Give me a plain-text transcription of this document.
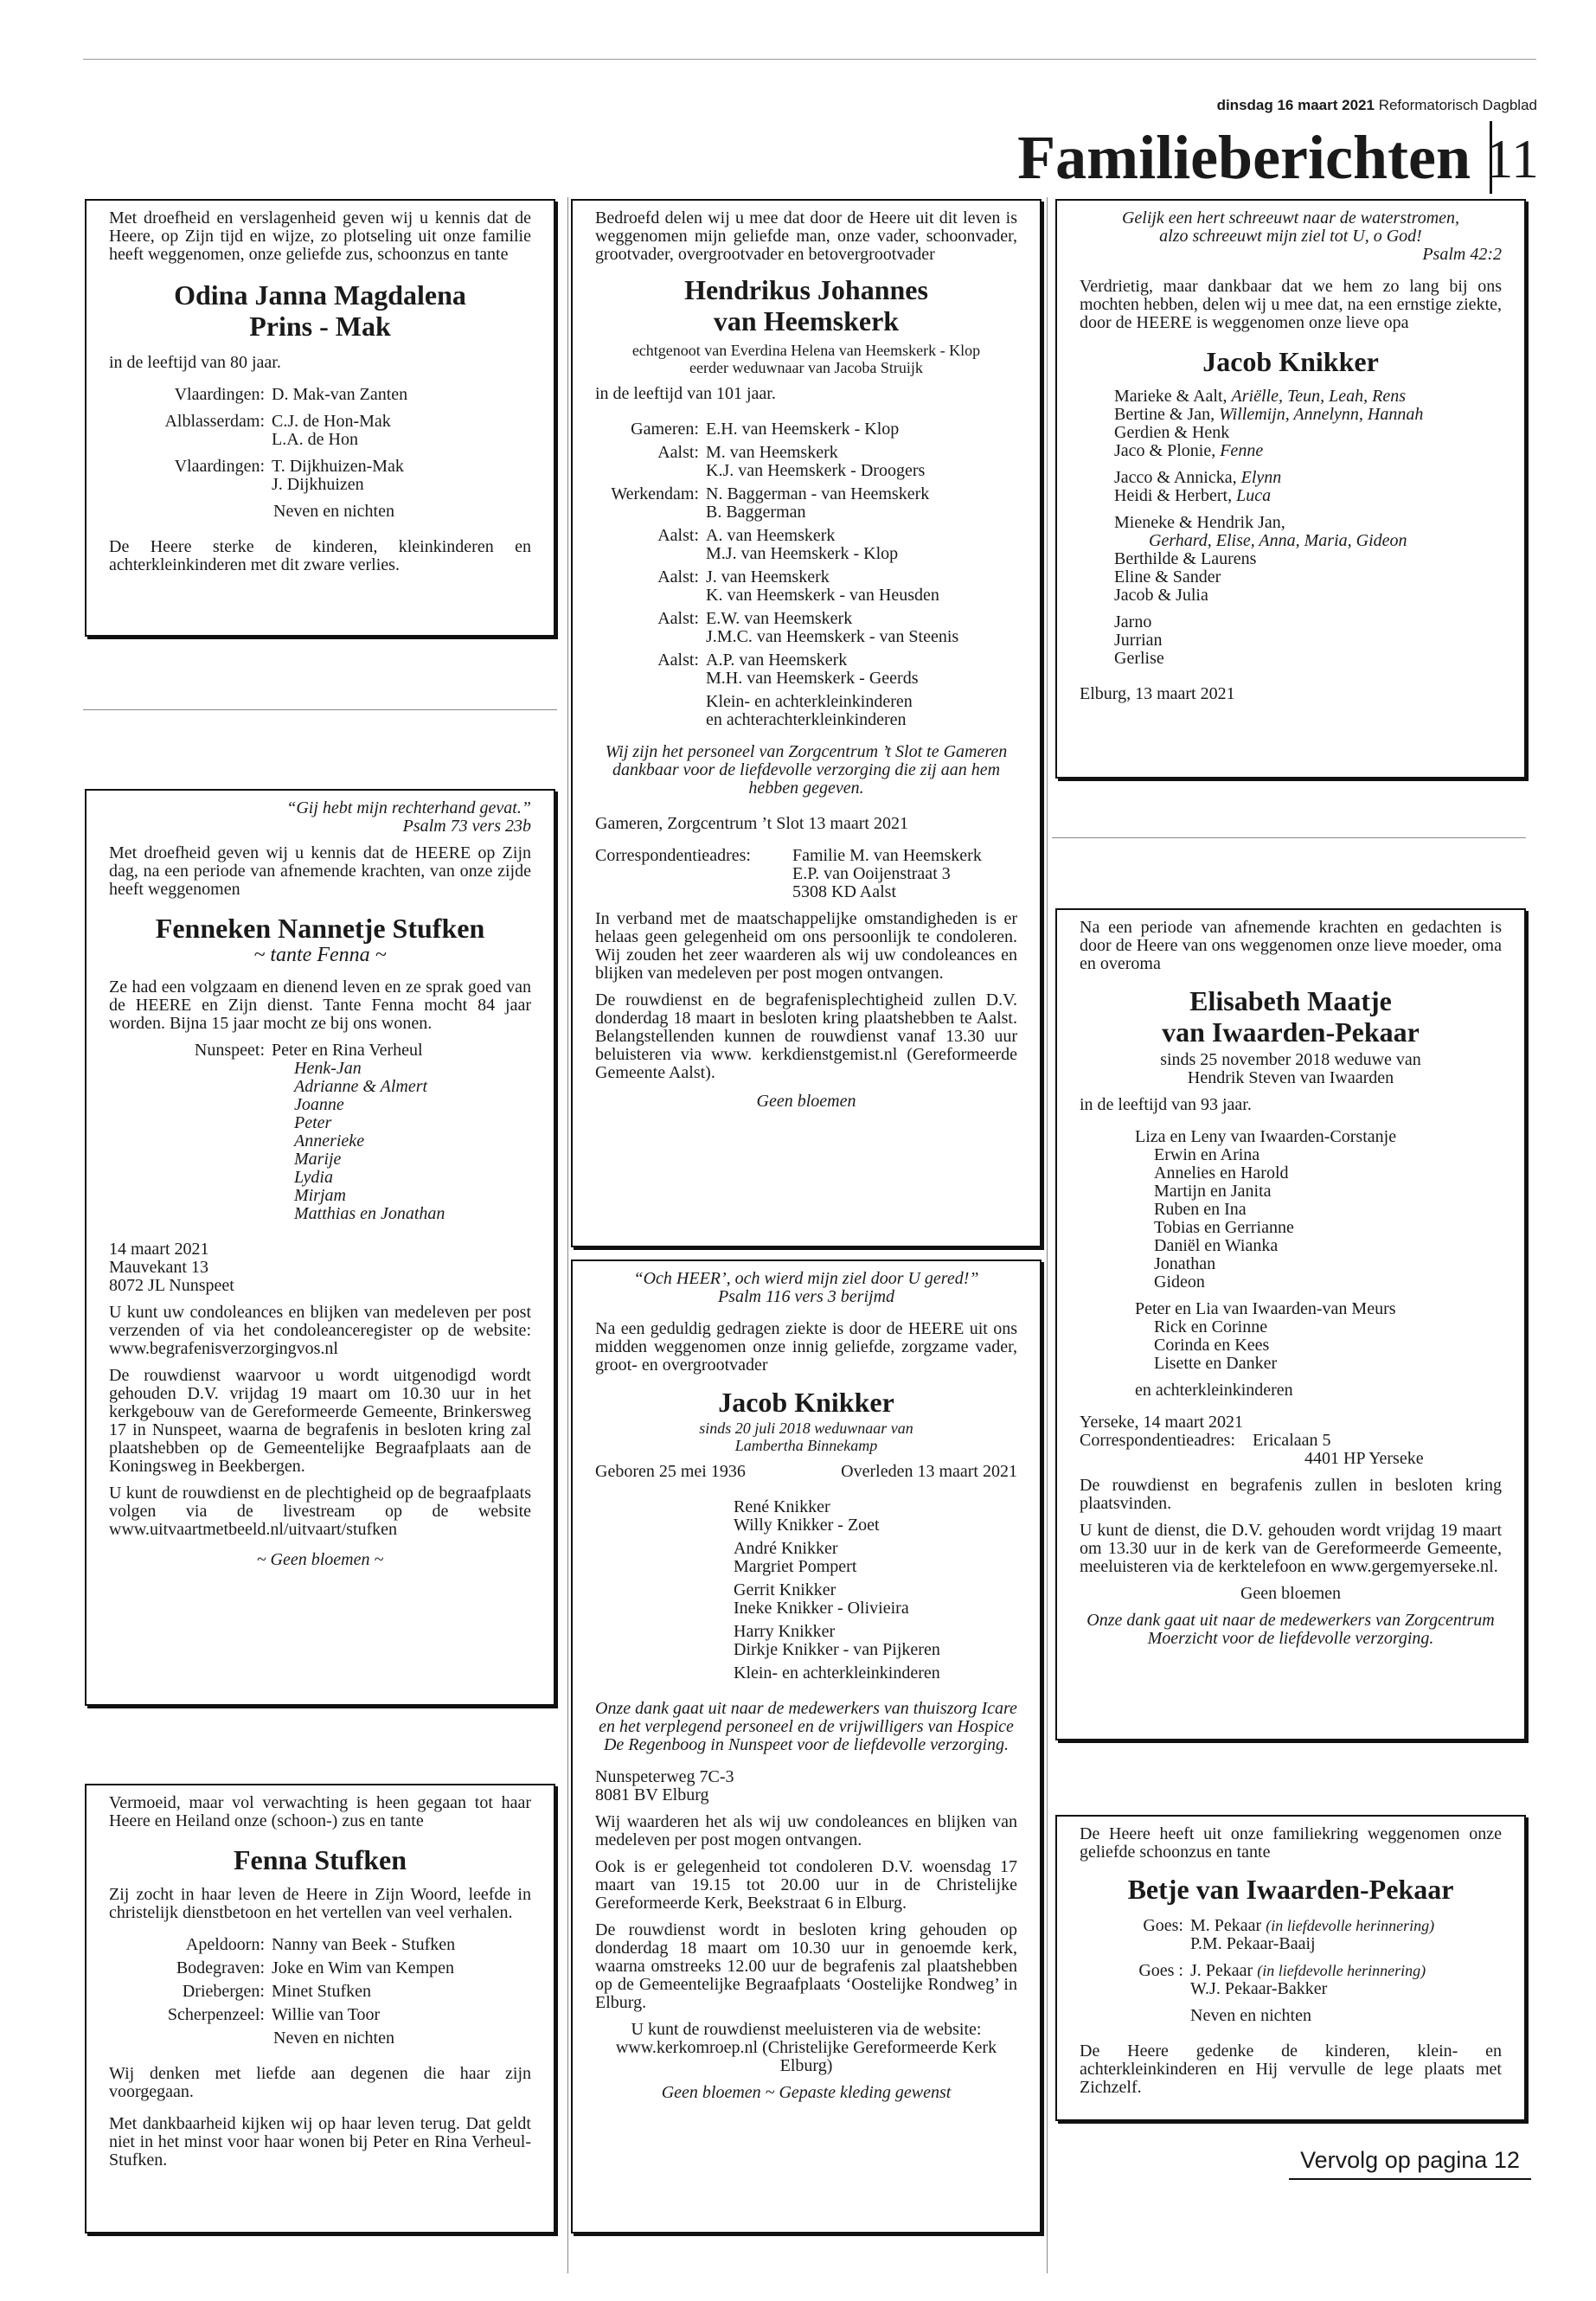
dinsdag 16 maart 2021 Reformatorisch Dagblad
Familieberichten 11

Met droefheid en verslagenheid geven wij u kennis dat de Heere, op Zijn tijd en wijze, zo plotseling uit onze familie heeft weggenomen, onze geliefde zus, schoonzus en tante

Odina Janna Magdalena
Prins - Mak

in de leeftijd van 80 jaar.

Vlaardingen: D. Mak-van Zanten
Alblasserdam: C.J. de Hon-Mak
L.A. de Hon
Vlaardingen: T. Dijkhuizen-Mak
J. Dijkhuizen
Neven en nichten

De Heere sterke de kinderen, kleinkinderen en achterkleinkinderen met dit zware verlies.

“Gij hebt mijn rechterhand gevat.”
Psalm 73 vers 23b

Met droefheid geven wij u kennis dat de HEERE op Zijn dag, na een periode van afnemende krachten, van onze zijde heeft weggenomen

Fenneken Nannetje Stufken
~ tante Fenna ~

Ze had een volgzaam en dienend leven en ze sprak goed van de HEERE en Zijn dienst. Tante Fenna mocht 84 jaar worden. Bijna 15 jaar mocht ze bij ons wonen.

Nunspeet: Peter en Rina Verheul
Henk-Jan
Adrianne & Almert
Joanne
Peter
Annerieke
Marije
Lydia
Mirjam
Matthias en Jonathan
14 maart 2021
Mauvekant 13
8072 JL Nunspeet

U kunt uw condoleances en blijken van medeleven per post verzenden of via het condoleanceregister op de website: www.begrafenisverzorgingvos.nl

De rouwdienst waarvoor u wordt uitgenodigd wordt gehouden D.V. vrijdag 19 maart om 10.30 uur in het kerkgebouw van de Gereformeerde Gemeente, Brinkersweg 17 in Nunspeet, waarna de begrafenis in besloten kring zal plaatshebben op de Gemeentelijke Begraafplaats aan de Koningsweg in Beekbergen.

U kunt de rouwdienst en de plechtigheid op de begraafplaats volgen via de livestream op de website www.uitvaartmetbeeld.nl/uitvaart/stufken

~ Geen bloemen ~

Vermoeid, maar vol verwachting is heen gegaan tot haar Heere en Heiland onze (schoon-) zus en tante

Fenna Stufken

Zij zocht in haar leven de Heere in Zijn Woord, leefde in christelijk dienstbetoon en het vertellen van veel verhalen.

Apeldoorn: Nanny van Beek - Stufken
Bodegraven: Joke en Wim van Kempen
Driebergen: Minet Stufken
Scherpenzeel: Willie van Toor
Neven en nichten

Wij denken met liefde aan degenen die haar zijn voorgegaan.

Met dankbaarheid kijken wij op haar leven terug. Dat geldt niet in het minst voor haar wonen bij Peter en Rina Verheul-Stufken.

Bedroefd delen wij u mee dat door de Heere uit dit leven is weggenomen mijn geliefde man, onze vader, schoonvader, grootvader, overgrootvader en betovergrootvader

Hendrikus Johannes
van Heemskerk
echtgenoot van Everdina Helena van Heemskerk - Klop
eerder weduwnaar van Jacoba Struijk

in de leeftijd van 101 jaar.

Gameren: E.H. van Heemskerk - Klop
Aalst: M. van Heemskerk
K.J. van Heemskerk - Droogers
Werkendam: N. Baggerman - van Heemskerk
B. Baggerman
Aalst: A. van Heemskerk
M.J. van Heemskerk - Klop
Aalst: J. van Heemskerk
K. van Heemskerk - van Heusden
Aalst: E.W. van Heemskerk
J.M.C. van Heemskerk - van Steenis
Aalst: A.P. van Heemskerk
M.H. van Heemskerk - Geerds
Klein- en achterkleinkinderen
en achterachterkleinkinderen

Wij zijn het personeel van Zorgcentrum ’t Slot te Gameren dankbaar voor de liefdevolle verzorging die zij aan hem hebben gegeven.

Gameren, Zorgcentrum ’t Slot 13 maart 2021

Correspondentieadres:	Familie M. van Heemskerk
E.P. van Ooijenstraat 3
5308 KD Aalst

In verband met de maatschappelijke omstandigheden is er helaas geen gelegenheid om ons persoonlijk te condoleren. Wij zouden het zeer waarderen als wij uw condoleances en blijken van medeleven per post mogen ontvangen.

De rouwdienst en de begrafenisplechtigheid zullen D.V. donderdag 18 maart in besloten kring plaatshebben te Aalst. Belangstellenden kunnen de rouwdienst vanaf 13.30 uur beluisteren via www. kerkdienstgemist.nl (Gereformeerde Gemeente Aalst).

Geen bloemen

“Och HEER’, och wierd mijn ziel door U gered!”
Psalm 116 vers 3 berijmd

Na een geduldig gedragen ziekte is door de HEERE uit ons midden weggenomen onze innig geliefde, zorgzame vader, groot- en overgrootvader

Jacob Knikker
sinds 20 juli 2018 weduwnaar van
Lambertha Binnekamp
Geboren 25 mei 1936	Overleden 13 maart 2021
René Knikker
Willy Knikker - Zoet
André Knikker
Margriet Pompert
Gerrit Knikker
Ineke Knikker - Olivieira
Harry Knikker
Dirkje Knikker - van Pijkeren
Klein- en achterkleinkinderen

Onze dank gaat uit naar de medewerkers van thuiszorg Icare en het verplegend personeel en de vrijwilligers van Hospice De Regenboog in Nunspeet voor de liefdevolle verzorging.

Nunspeterweg 7C-3
8081 BV Elburg

Wij waarderen het als wij uw condoleances en blijken van medeleven per post mogen ontvangen.

Ook is er gelegenheid tot condoleren D.V. woensdag 17 maart van 19.15 tot 20.00 uur in de Christelijke Gereformeerde Kerk, Beekstraat 6 in Elburg.

De rouwdienst wordt in besloten kring gehouden op donderdag 18 maart om 10.30 uur in genoemde kerk, waarna omstreeks 12.00 uur de begrafenis zal plaatshebben op de Gemeentelijke Begraafplaats ‘Oostelijke Rondweg’ in Elburg.

U kunt de rouwdienst meeluisteren via de website: www.kerkomroep.nl (Christelijke Gereformeerde Kerk Elburg)

Geen bloemen ~ Gepaste kleding gewenst

Gelijk een hert schreeuwt naar de waterstromen,
alzo schreeuwt mijn ziel tot U, o God!
Psalm 42:2

Verdrietig, maar dankbaar dat we hem zo lang bij ons mochten hebben, delen wij u mee dat, na een ernstige ziekte, door de HEERE is weggenomen onze lieve opa

Jacob Knikker
Marieke & Aalt, Ariëlle, Teun, Leah, Rens
Bertine & Jan, Willemijn, Annelynn, Hannah
Gerdien & Henk
Jaco & Plonie, Fenne
Jacco & Annicka, Elynn
Heidi & Herbert, Luca
Mieneke & Hendrik Jan,
Gerhard, Elise, Anna, Maria, Gideon
Berthilde & Laurens
Eline & Sander
Jacob & Julia
Jarno
Jurrian
Gerlise
Elburg, 13 maart 2021

Na een periode van afnemende krachten en gedachten is door de Heere van ons weggenomen onze lieve moeder, oma en overoma

Elisabeth Maatje
van Iwaarden-Pekaar
sinds 25 november 2018 weduwe van
Hendrik Steven van Iwaarden

in de leeftijd van 93 jaar.

Liza en Leny van Iwaarden-Corstanje
Erwin en Arina
Annelies en Harold
Martijn en Janita
Ruben en Ina
Tobias en Gerrianne
Daniël en Wianka
Jonathan
Gideon
Peter en Lia van Iwaarden-van Meurs
Rick en Corinne
Corinda en Kees
Lisette en Danker
en achterkleinkinderen
Yerseke, 14 maart 2021
Correspondentieadres:	Ericalaan 5
4401 HP Yerseke

De rouwdienst en begrafenis zullen in besloten kring plaatsvinden.

U kunt de dienst, die D.V. gehouden wordt vrijdag 19 maart om 13.30 uur in de kerk van de Gereformeerde Gemeente, meeluisteren via de kerktelefoon en www.gergemyerseke.nl.

Geen bloemen

Onze dank gaat uit naar de medewerkers van Zorgcentrum Moerzicht voor de liefdevolle verzorging.

De Heere heeft uit onze familiekring weggenomen onze geliefde schoonzus en tante

Betje van Iwaarden-Pekaar
Goes: M. Pekaar (in liefdevolle herinnering)
P.M. Pekaar-Baaij
Goes : J. Pekaar (in liefdevolle herinnering)
W.J. Pekaar-Bakker
Neven en nichten

De Heere gedenke de kinderen, klein- en achterkleinkinderen en Hij vervulle de lege plaats met Zichzelf.

Vervolg op pagina 12
